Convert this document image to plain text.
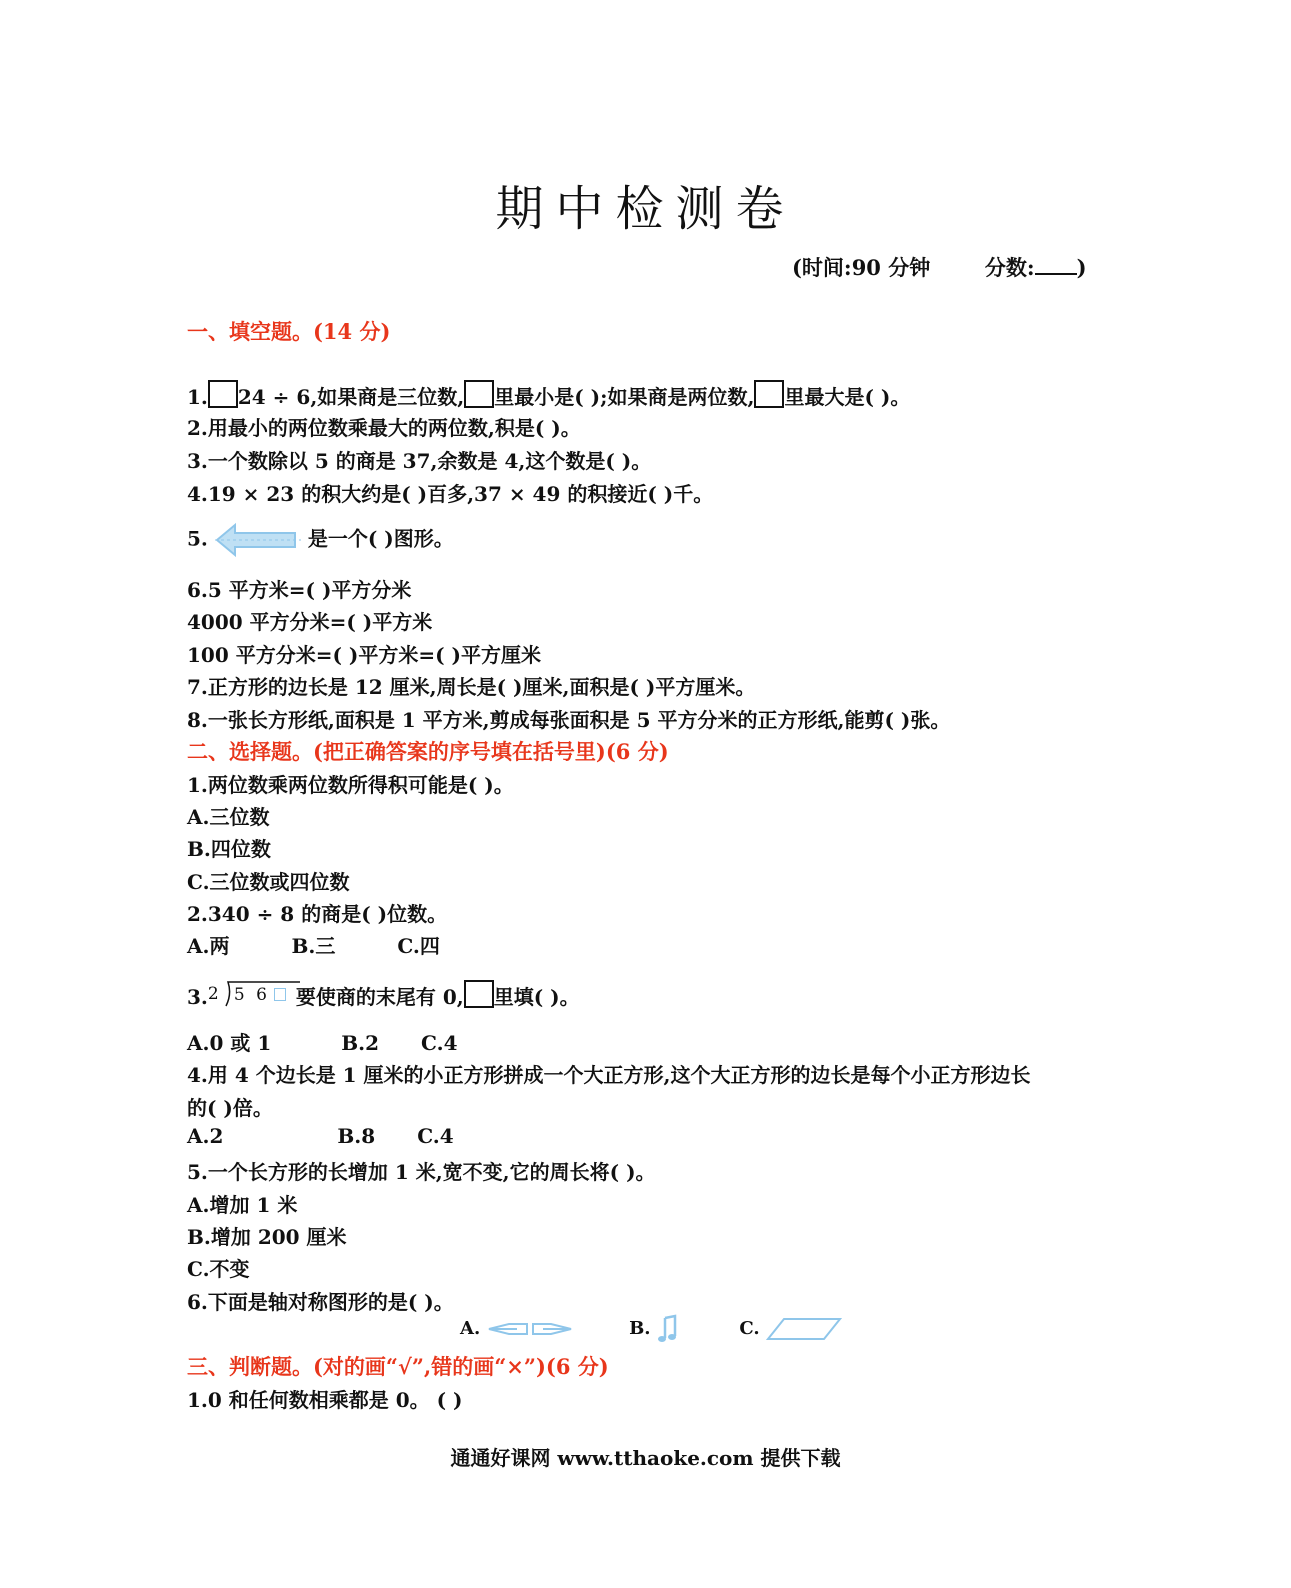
期中检测卷
(时间:90 分钟	分数: )
一、填空题。(14 分)
1. 24 ÷ 6,如果商是三位数, 里最小是( );如果商是两位数, 里最大是( )。
2.用最小的两位数乘最大的两位数,积是( )。
3.一个数除以 5 的商是 37,余数是 4,这个数是( )。
4.19 × 23 的积大约是( )百多,37 × 49 的积接近( )千。
5.	是一个( )图形。
6.5 平方米=( )平方分米
4000 平方分米=( )平方米
100 平方分米=( )平方米=( )平方厘米
7.正方形的边长是 12 厘米,周长是( )厘米,面积是( )平方厘米。
8.一张长方形纸,面积是 1 平方米,剪成每张面积是 5 平方分米的正方形纸,能剪( )张。
二、选择题。(把正确答案的序号填在括号里)(6 分)
1.两位数乘两位数所得积可能是( )。
A.三位数
B.四位数
C.三位数或四位数
2.340 ÷ 8 的商是( )位数。
A.两	B.三	C.四
3. 2 5 6 要使商的末尾有 0, 里填( )。
A.0 或 1	B.2 C.4
4.用 4 个边长是 1 厘米的小正方形拼成一个大正方形,这个大正方形的边长是每个小正方形边长
的( )倍。
A.2	B.8 C.4
5.一个长方形的长增加 1 米,宽不变,它的周长将( )。
A.增加 1 米
B.增加 200 厘米
C.不变
6.下面是轴对称图形的是( )。
A.	B.	C.
三、判断题。(对的画“√”,错的画“×”)(6 分)
1.0 和任何数相乘都是 0。 ( )
通通好课网 www.tthaoke.com 提供下载
